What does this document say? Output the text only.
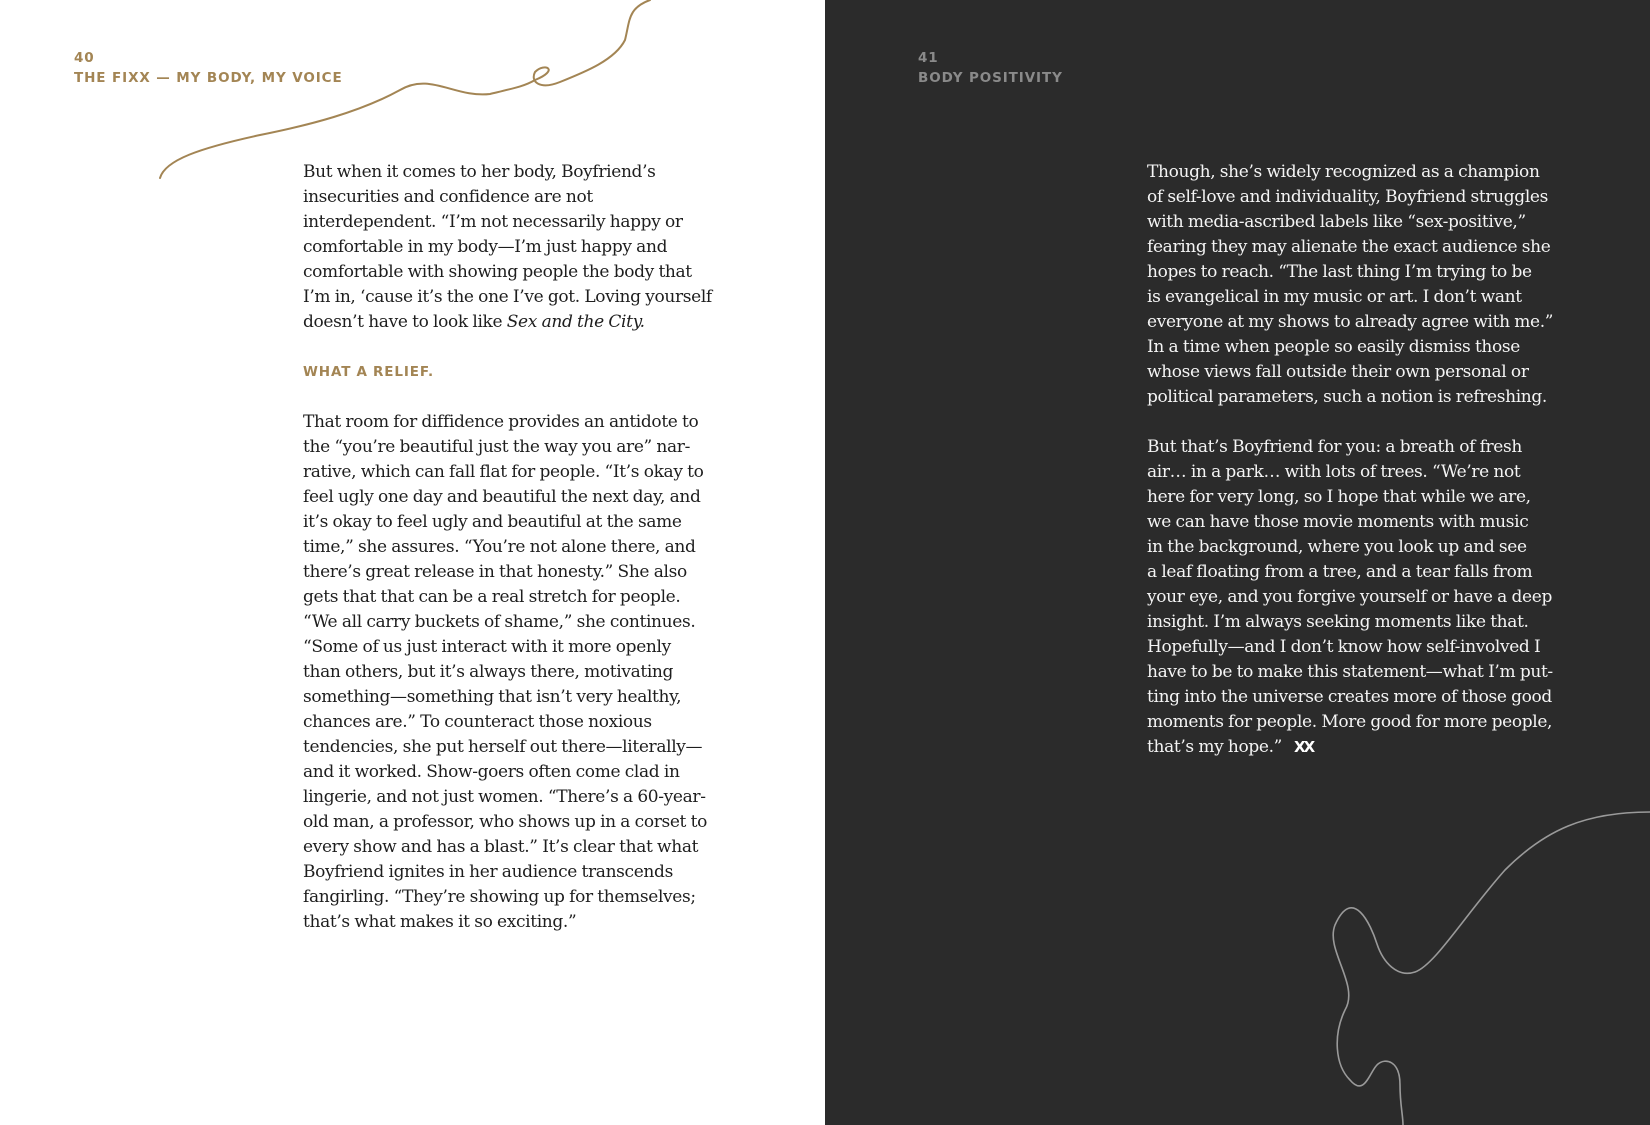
40
THE FIXX — MY BODY, MY VOICE

But when it comes to her body, Boyfriend’s
insecurities and confidence are not
interdependent. “I’m not necessarily happy or
comfortable in my body—I’m just happy and
comfortable with showing people the body that
I’m in, ‘cause it’s the one I’ve got. Loving yourself
doesn’t have to look like Sex and the City.

WHAT A RELIEF.

That room for diffidence provides an antidote to
the “you’re beautiful just the way you are” nar-
rative, which can fall flat for people. “It’s okay to
feel ugly one day and beautiful the next day, and
it’s okay to feel ugly and beautiful at the same
time,” she assures. “You’re not alone there, and
there’s great release in that honesty.” She also
gets that that can be a real stretch for people.
“We all carry buckets of shame,” she continues.
“Some of us just interact with it more openly
than others, but it’s always there, motivating
something—something that isn’t very healthy,
chances are.” To counteract those noxious
tendencies, she put herself out there—literally—
and it worked. Show-goers often come clad in
lingerie, and not just women. “There’s a 60-year-
old man, a professor, who shows up in a corset to
every show and has a blast.” It’s clear that what
Boyfriend ignites in her audience transcends
fangirling. “They’re showing up for themselves;
that’s what makes it so exciting.”

41
BODY POSITIVITY

Though, she’s widely recognized as a champion
of self-love and individuality, Boyfriend struggles
with media-ascribed labels like “sex-positive,”
fearing they may alienate the exact audience she
hopes to reach. “The last thing I’m trying to be
is evangelical in my music or art. I don’t want
everyone at my shows to already agree with me.”
In a time when people so easily dismiss those
whose views fall outside their own personal or
political parameters, such a notion is refreshing.

But that’s Boyfriend for you: a breath of fresh
air… in a park… with lots of trees. “We’re not
here for very long, so I hope that while we are,
we can have those movie moments with music
in the background, where you look up and see
a leaf floating from a tree, and a tear falls from
your eye, and you forgive yourself or have a deep
insight. I’m always seeking moments like that.
Hopefully—and I don’t know how self-involved I
have to be to make this statement—what I’m put-
ting into the universe creates more of those good
moments for people. More good for more people,
that’s my hope.” XX
